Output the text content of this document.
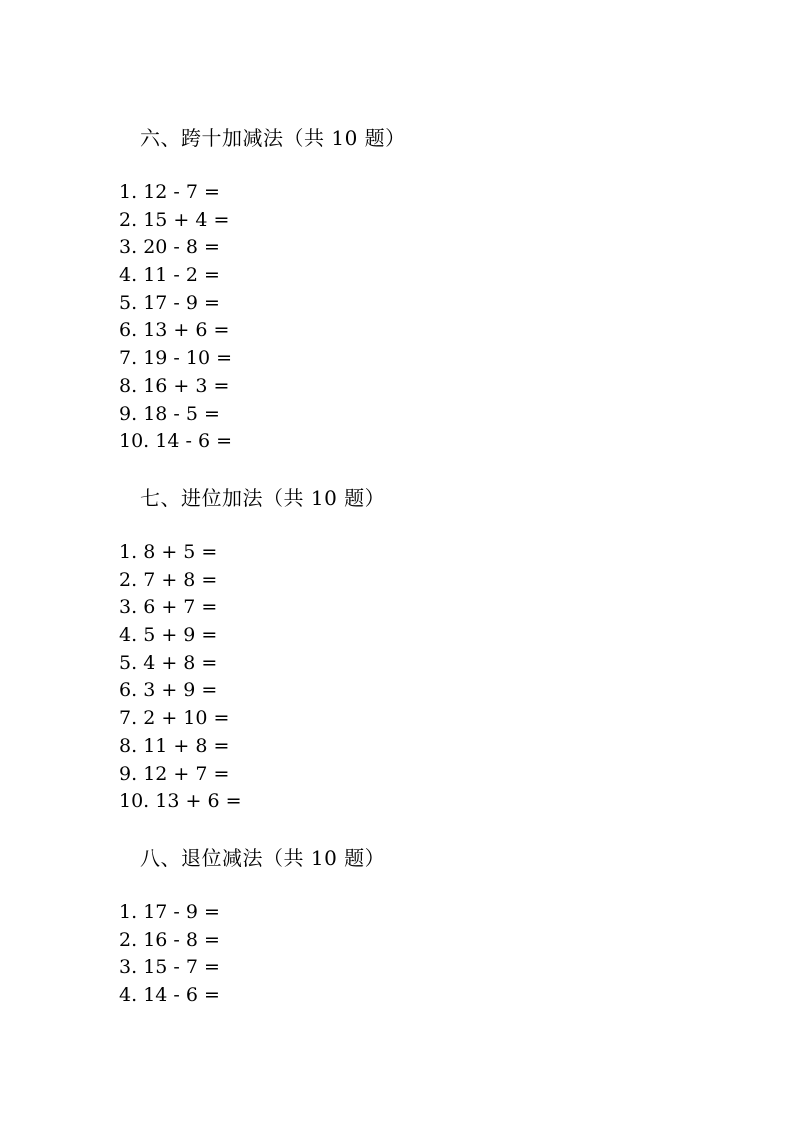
六、跨十加减法（共 10 题）
1. 12 - 7 =
2. 15 + 4 =
3. 20 - 8 =
4. 11 - 2 =
5. 17 - 9 =
6. 13 + 6 =
7. 19 - 10 =
8. 16 + 3 =
9. 18 - 5 =
10. 14 - 6 =
七、进位加法（共 10 题）
1. 8 + 5 =
2. 7 + 8 =
3. 6 + 7 =
4. 5 + 9 =
5. 4 + 8 =
6. 3 + 9 =
7. 2 + 10 =
8. 11 + 8 =
9. 12 + 7 =
10. 13 + 6 =
八、退位减法（共 10 题）
1. 17 - 9 =
2. 16 - 8 =
3. 15 - 7 =
4. 14 - 6 =
